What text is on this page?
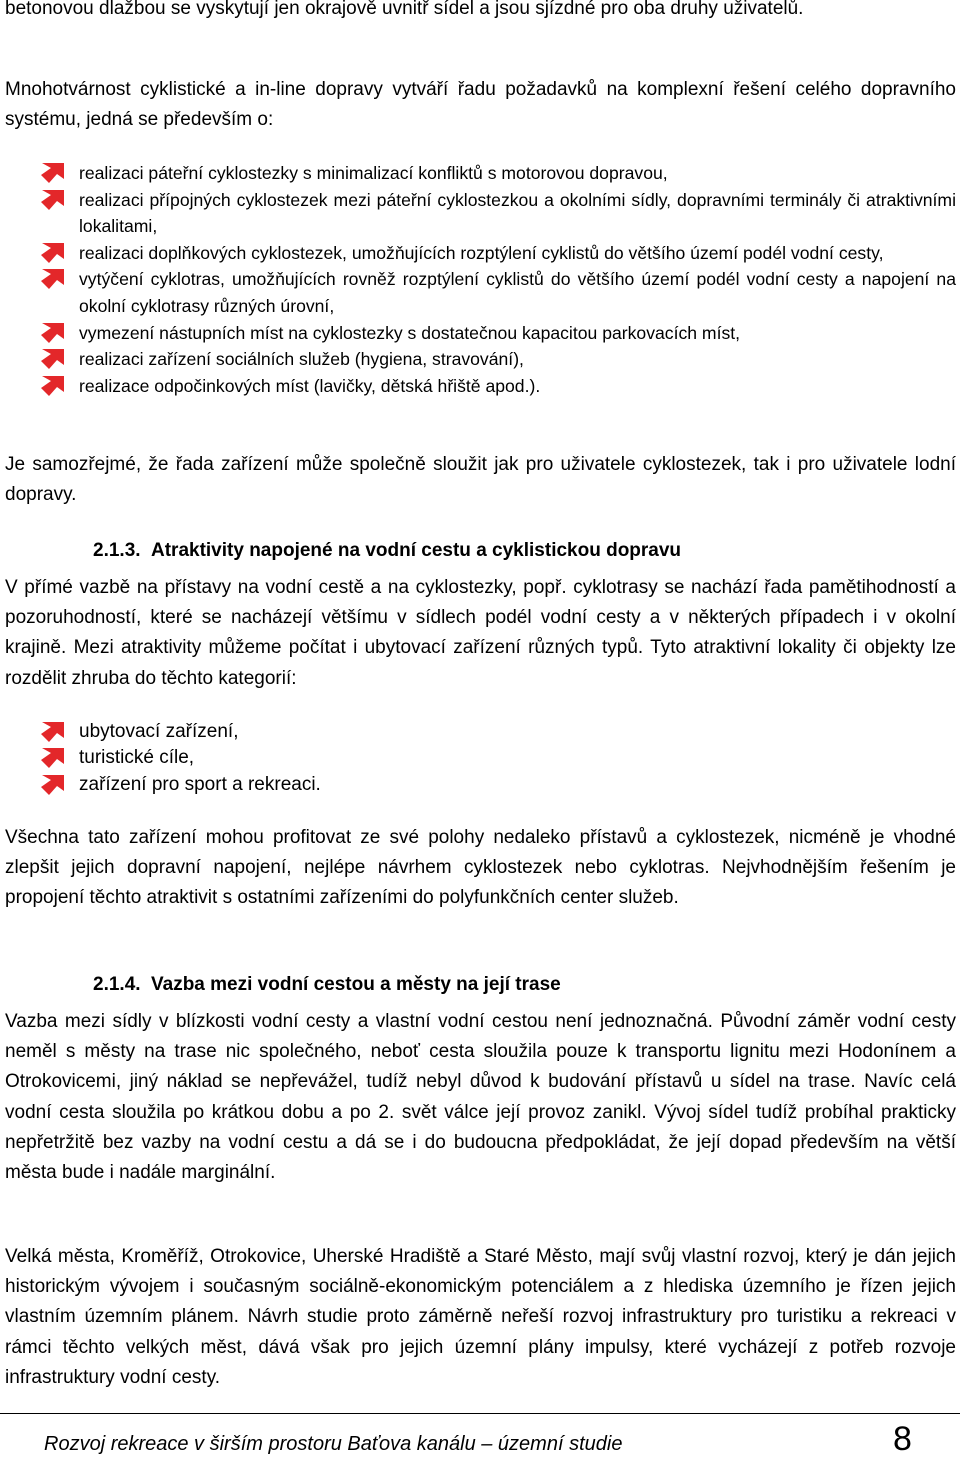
betonovou dlažbou se vyskytují jen okrajově uvnitř sídel a jsou sjízdné pro oba druhy uživatelů.

Mnohotvárnost cyklistické a in-line dopravy vytváří řadu požadavků na komplexní řešení celého dopravního systému, jedná se především o:

realizaci páteřní cyklostezky s minimalizací konfliktů s motorovou dopravou,
realizaci přípojných cyklostezek mezi páteřní cyklostezkou a okolními sídly, dopravními terminály či atraktivními lokalitami,
realizaci doplňkových cyklostezek, umožňujících rozptýlení cyklistů do většího území podél vodní cesty,
vytýčení cyklotras, umožňujících rovněž rozptýlení cyklistů do většího území podél vodní cesty a napojení na okolní cyklotrasy různých úrovní,
vymezení nástupních míst na cyklostezky s dostatečnou kapacitou parkovacích míst,
realizaci zařízení sociálních služeb (hygiena, stravování),
realizace odpočinkových míst (lavičky, dětská hřiště apod.).

Je samozřejmé, že řada zařízení může společně sloužit jak pro uživatele cyklostezek, tak i pro uživatele lodní dopravy.

2.1.3. Atraktivity napojené na vodní cestu a cyklistickou dopravu

V přímé vazbě na přístavy na vodní cestě a na cyklostezky, popř. cyklotrasy se nachází řada pamětihodností a pozoruhodností, které se nacházejí většímu v sídlech podél vodní cesty a v některých případech i v okolní krajině. Mezi atraktivity můžeme počítat i ubytovací zařízení různých typů. Tyto atraktivní lokality či objekty lze rozdělit zhruba do těchto kategorií:

ubytovací zařízení,
turistické cíle,
zařízení pro sport a rekreaci.

Všechna tato zařízení mohou profitovat ze své polohy nedaleko přístavů a cyklostezek, nicméně je vhodné zlepšit jejich dopravní napojení, nejlépe návrhem cyklostezek nebo cyklotras. Nejvhodnějším řešením je propojení těchto atraktivit s ostatními zařízeními do polyfunkčních center služeb.

2.1.4. Vazba mezi vodní cestou a městy na její trase

Vazba mezi sídly v blízkosti vodní cesty a vlastní vodní cestou není jednoznačná. Původní záměr vodní cesty neměl s městy na trase nic společného, neboť cesta sloužila pouze k transportu lignitu mezi Hodonínem a Otrokovicemi, jiný náklad se nepřevážel, tudíž nebyl důvod k budování přístavů u sídel na trase. Navíc celá vodní cesta sloužila po krátkou dobu a po 2. svět válce její provoz zanikl. Vývoj sídel tudíž probíhal prakticky nepřetržitě bez vazby na vodní cestu a dá se i do budoucna předpokládat, že její dopad především na větší města bude i nadále marginální.

Velká města, Kroměříž, Otrokovice, Uherské Hradiště a Staré Město, mají svůj vlastní rozvoj, který je dán jejich historickým vývojem i současným sociálně-ekonomickým potenciálem a z hlediska územního je řízen jejich vlastním územním plánem. Návrh studie proto záměrně neřeší rozvoj infrastruktury pro turistiku a rekreaci v rámci těchto velkých měst, dává však pro jejich územní plány impulsy, které vycházejí z potřeb rozvoje infrastruktury vodní cesty.

Rozvoj rekreace v širším prostoru Baťova kanálu – územní studie	8
